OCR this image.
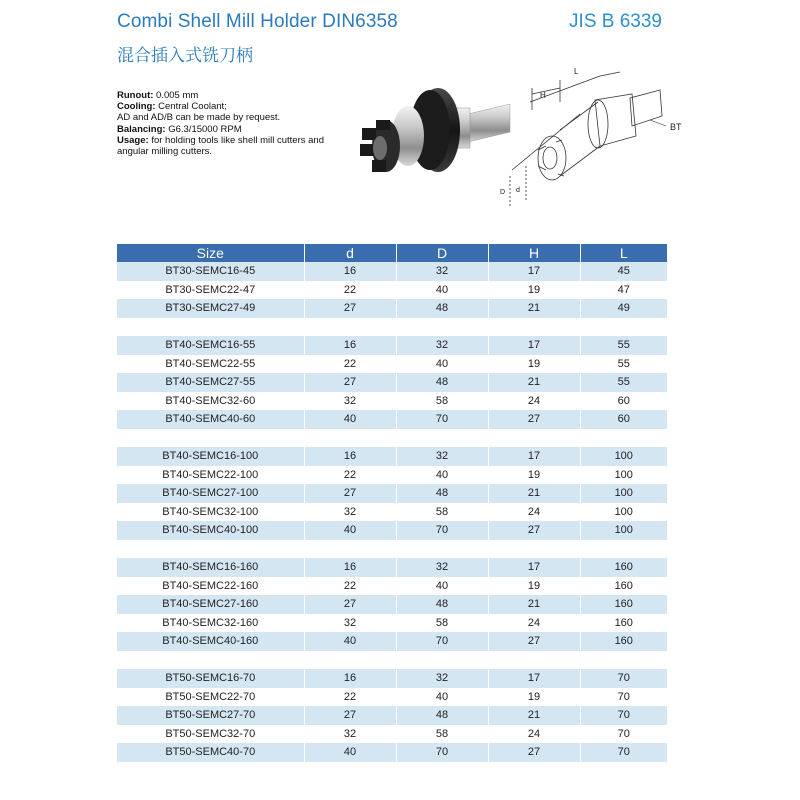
Combi Shell Mill Holder DIN6358
混合插入式铣刀柄
JIS B 6339
Runout: 0.005 mm
Cooling: Central Coolant;
AD and AD/B can be made by request.
Balancing: G6.3/15000 RPM
Usage: for holding tools like shell mill cutters and angular milling cutters.
L
H
d
D
BT
Size	d	D	H	L
BT30-SEMC16-45	16	32	17	45
BT30-SEMC22-47	22	40	19	47
BT30-SEMC27-49	27	48	21	49

BT40-SEMC16-55	16	32	17	55
BT40-SEMC22-55	22	40	19	55
BT40-SEMC27-55	27	48	21	55
BT40-SEMC32-60	32	58	24	60
BT40-SEMC40-60	40	70	27	60

BT40-SEMC16-100	16	32	17	100
BT40-SEMC22-100	22	40	19	100
BT40-SEMC27-100	27	48	21	100
BT40-SEMC32-100	32	58	24	100
BT40-SEMC40-100	40	70	27	100

BT40-SEMC16-160	16	32	17	160
BT40-SEMC22-160	22	40	19	160
BT40-SEMC27-160	27	48	21	160
BT40-SEMC32-160	32	58	24	160
BT40-SEMC40-160	40	70	27	160

BT50-SEMC16-70	16	32	17	70
BT50-SEMC22-70	22	40	19	70
BT50-SEMC27-70	27	48	21	70
BT50-SEMC32-70	32	58	24	70
BT50-SEMC40-70	40	70	27	70
